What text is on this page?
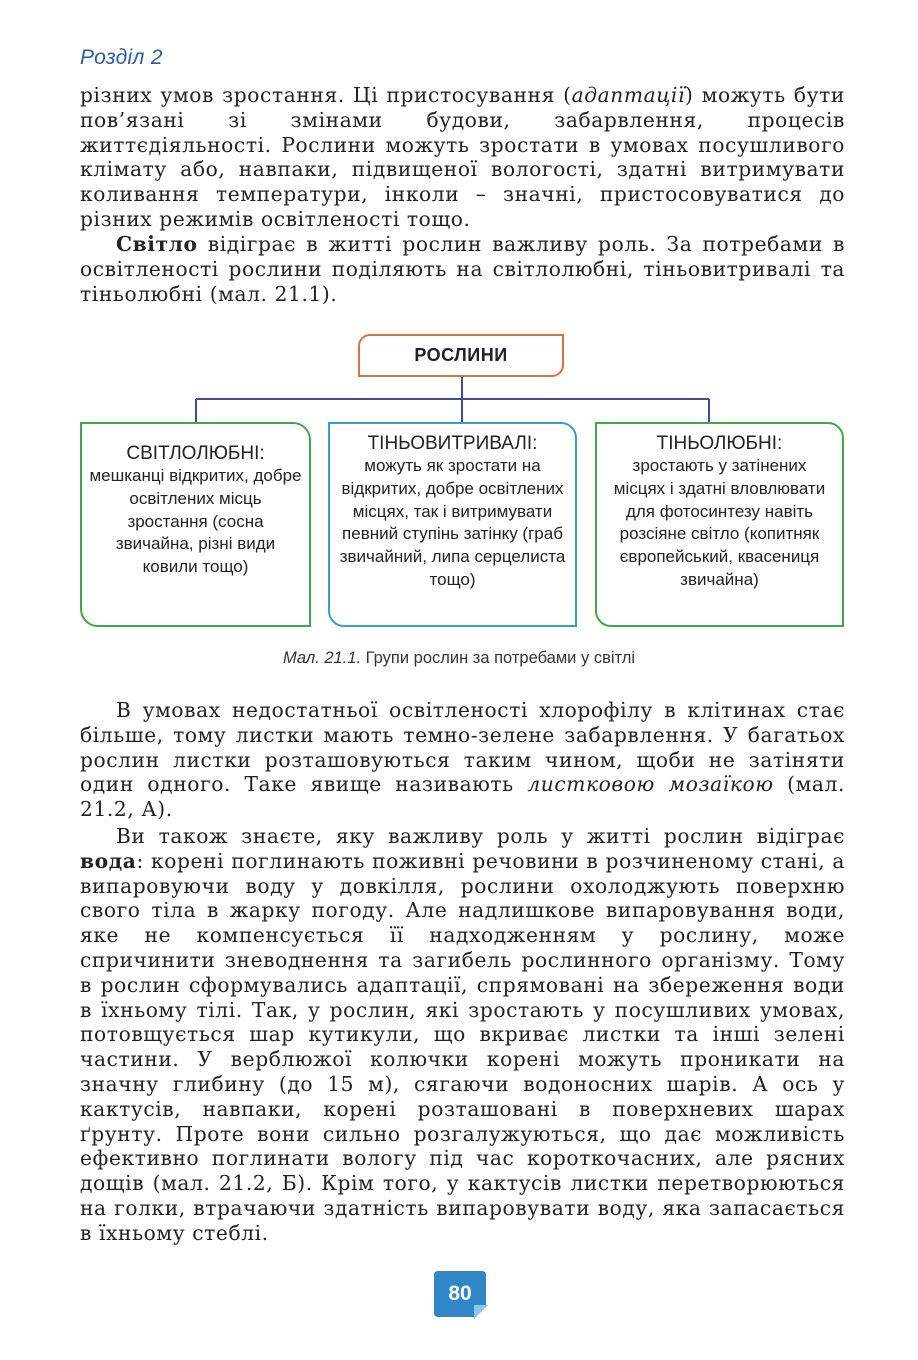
Розділ 2
різних умов зростання. Ці пристосування (адаптації) можуть бути пов’язані зі змінами будови, забарвлення, процесів життєдіяльності. Рослини можуть зростати в умовах посушливого клімату або, навпаки, підвищеної вологості, здатні витримувати коливання температури, інколи – значні, пристосовуватися до різних режимів освітленості тощо.
Світло відіграє в житті рослин важливу роль. За потребами в освітленості рослини поділяють на світлолюбні, тіньовитривалі та тіньолюбні (мал. 21.1).
РОСЛИНИ
СВІТЛОЛЮБНІ:
мешканці відкритих, добре освітлених місць зростання (сосна звичайна, різні види ковили тощо)
ТІНЬОВИТРИВАЛІ:
можуть як зростати на відкритих, добре освітлених місцях, так і витримувати певний ступінь затінку (граб звичайний, липа серцелиста тощо)
ТІНЬОЛЮБНІ:
зростають у затінених місцях і здатні вловлювати для фотосинтезу навіть розсіяне світло (копитняк європейський, квасениця звичайна)
Мал. 21.1. Групи рослин за потребами у світлі
В умовах недостатньої освітленості хлорофілу в клітинах стає більше, тому листки мають темно-зелене забарвлення. У багатьох рослин листки розташовуються таким чином, щоби не затіняти один одного. Таке явище називають листковою мозаїкою (мал. 21.2, А).
Ви також знаєте, яку важливу роль у житті рослин відіграє вода: корені поглинають поживні речовини в розчиненому стані, а випаровуючи воду у довкілля, рослини охолоджують поверхню свого тіла в жарку погоду. Але надлишкове випаровування води, яке не компенсується її надходженням у рослину, може спричинити зневоднення та загибель рослинного організму. Тому в рослин сформувались адаптації, спрямовані на збереження води в їхньому тілі. Так, у рослин, які зростають у посушливих умовах, потовщується шар кутикули, що вкриває листки та інші зелені частини. У верблюжої колючки корені можуть проникати на значну глибину (до 15 м), сягаючи водоносних шарів. А ось у кактусів, навпаки, корені розташовані в поверхневих шарах ґрунту. Проте вони сильно розгалужуються, що дає можливість ефективно поглинати вологу під час короткочасних, але рясних дощів (мал. 21.2, Б). Крім того, у кактусів листки перетворюються на голки, втрачаючи здатність випаровувати воду, яка запасається в їхньому стеблі.
80
